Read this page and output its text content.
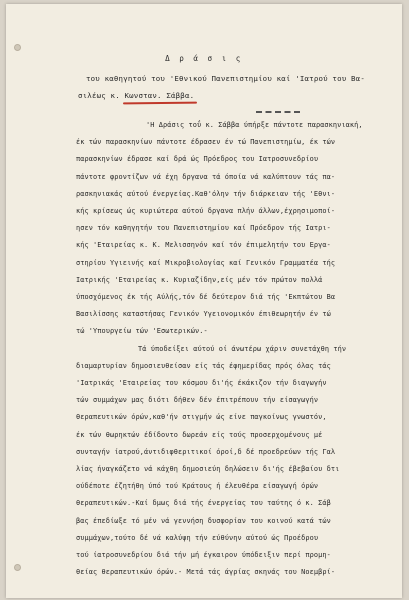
Δ ρ ά σ ι ς
του καθηγητού του 'Εθνικού Πανεπιστημίου καί 'Ιατρού του Βα-
σιλέως κ. Κωνσταν. Σάββα.
'Η Δράσις τοΰ κ. Σάββα ύπήρξε πάντοτε παρασκηνιακή,
έκ τών παρασκηνίων πάντοτε έδρασεν έν τώ Πανεπιστημίω, έκ τών
παρασκηνίων έδρασε καί δρά ώς Πρόεδρος του Ιατροσυνεδρίου
πάντοτε φροντίζων νά έχη δργανα τά όποία νά καλύπτουν τάς πα-
ρασκηνιακάς αύτού ένεργείας.Καθ'όλην τήν διάρκειαν τής 'Εθνι-
κής κρίσεως ώς κυριώτερα αύτού δργανα πλήν άλλων,έχρησιμοποί-
ησεν τόν καθηγητήν του Πανεπιστημίου καί Πρόεδρον τής Ιατρι-
κής 'Εταιρείας κ. Κ. Μελισσηνόν καί τόν έπιμελητήν του Εργα-
στηρίου Υγιεινής καί Μικροβιολογίας καί Γενικόν Γραμματέα τής
Ιατρικής 'Εταιρείας κ. Κυριαζίδην,είς μέν τόν πρώτον πολλά
ύποσχόμενος έκ τής Αύλής,τόν δέ δεύτερον διά τής 'Εκπτώτου Βα
Βασιλίσσης καταστήσας Γενικόν Υγειονομικόν έπιθεωρητήν έν τώ
τώ 'Υπουργείω τών 'Εσωτερικών.-
Τά ύποδείξει αύτού οί άνωτέρω χάριν συνετάχθη τήν
διαμαρτυρίαν δημοσιευθείσαν είς τάς έφημερίδας πρός όλας τάς
'Ιατρικάς 'Εταιρείας του κόσμου δι'ής έκάκιζον τήν διαγωγήν
τών συμμάχων μας διότι δήθεν δέν έπιτρέπουν τήν είσαγωγήν
θεραπευτικών όρών,καθ'ήν στιγμήν ώς είνε παγκοίνως γνωστόν,
έκ τών θωρηκτών έδίδοντο δωρεάν είς τούς προσερχομένους μέ
συνταγήν ίατρού,άντιδιφθεριτικοί όροί,δ δέ προεδρεύων τής Γαλ
λίας ήναγκάζετο νά κάχθη δημοσιεύη δηλώσειν δι'ής έβεβαίου δτι
ούδέποτε έζητήθη ύπό τού Κράτους ή έλευθέρα είσαγωγή όρών
θεραπευτικών.-Καί δμως διά τής ένεργείας του ταύτης ό κ. Σάβ
βας έπεδίωξε τό μέν νά γεννήση δυσφορίαν του κοινού κατά τών
συμμάχων,τούτο δέ νά καλύψη τήν εύθύνην αύτού ώς Προέδρου
τού ίατροσυνεδρίου διά τήν μή έγκαιρον ύπόδειξιν περί προμη-
θείας θεραπευτικών όρών.- Μετά τάς άγρίας σκηνάς του Νοεμβρί-
